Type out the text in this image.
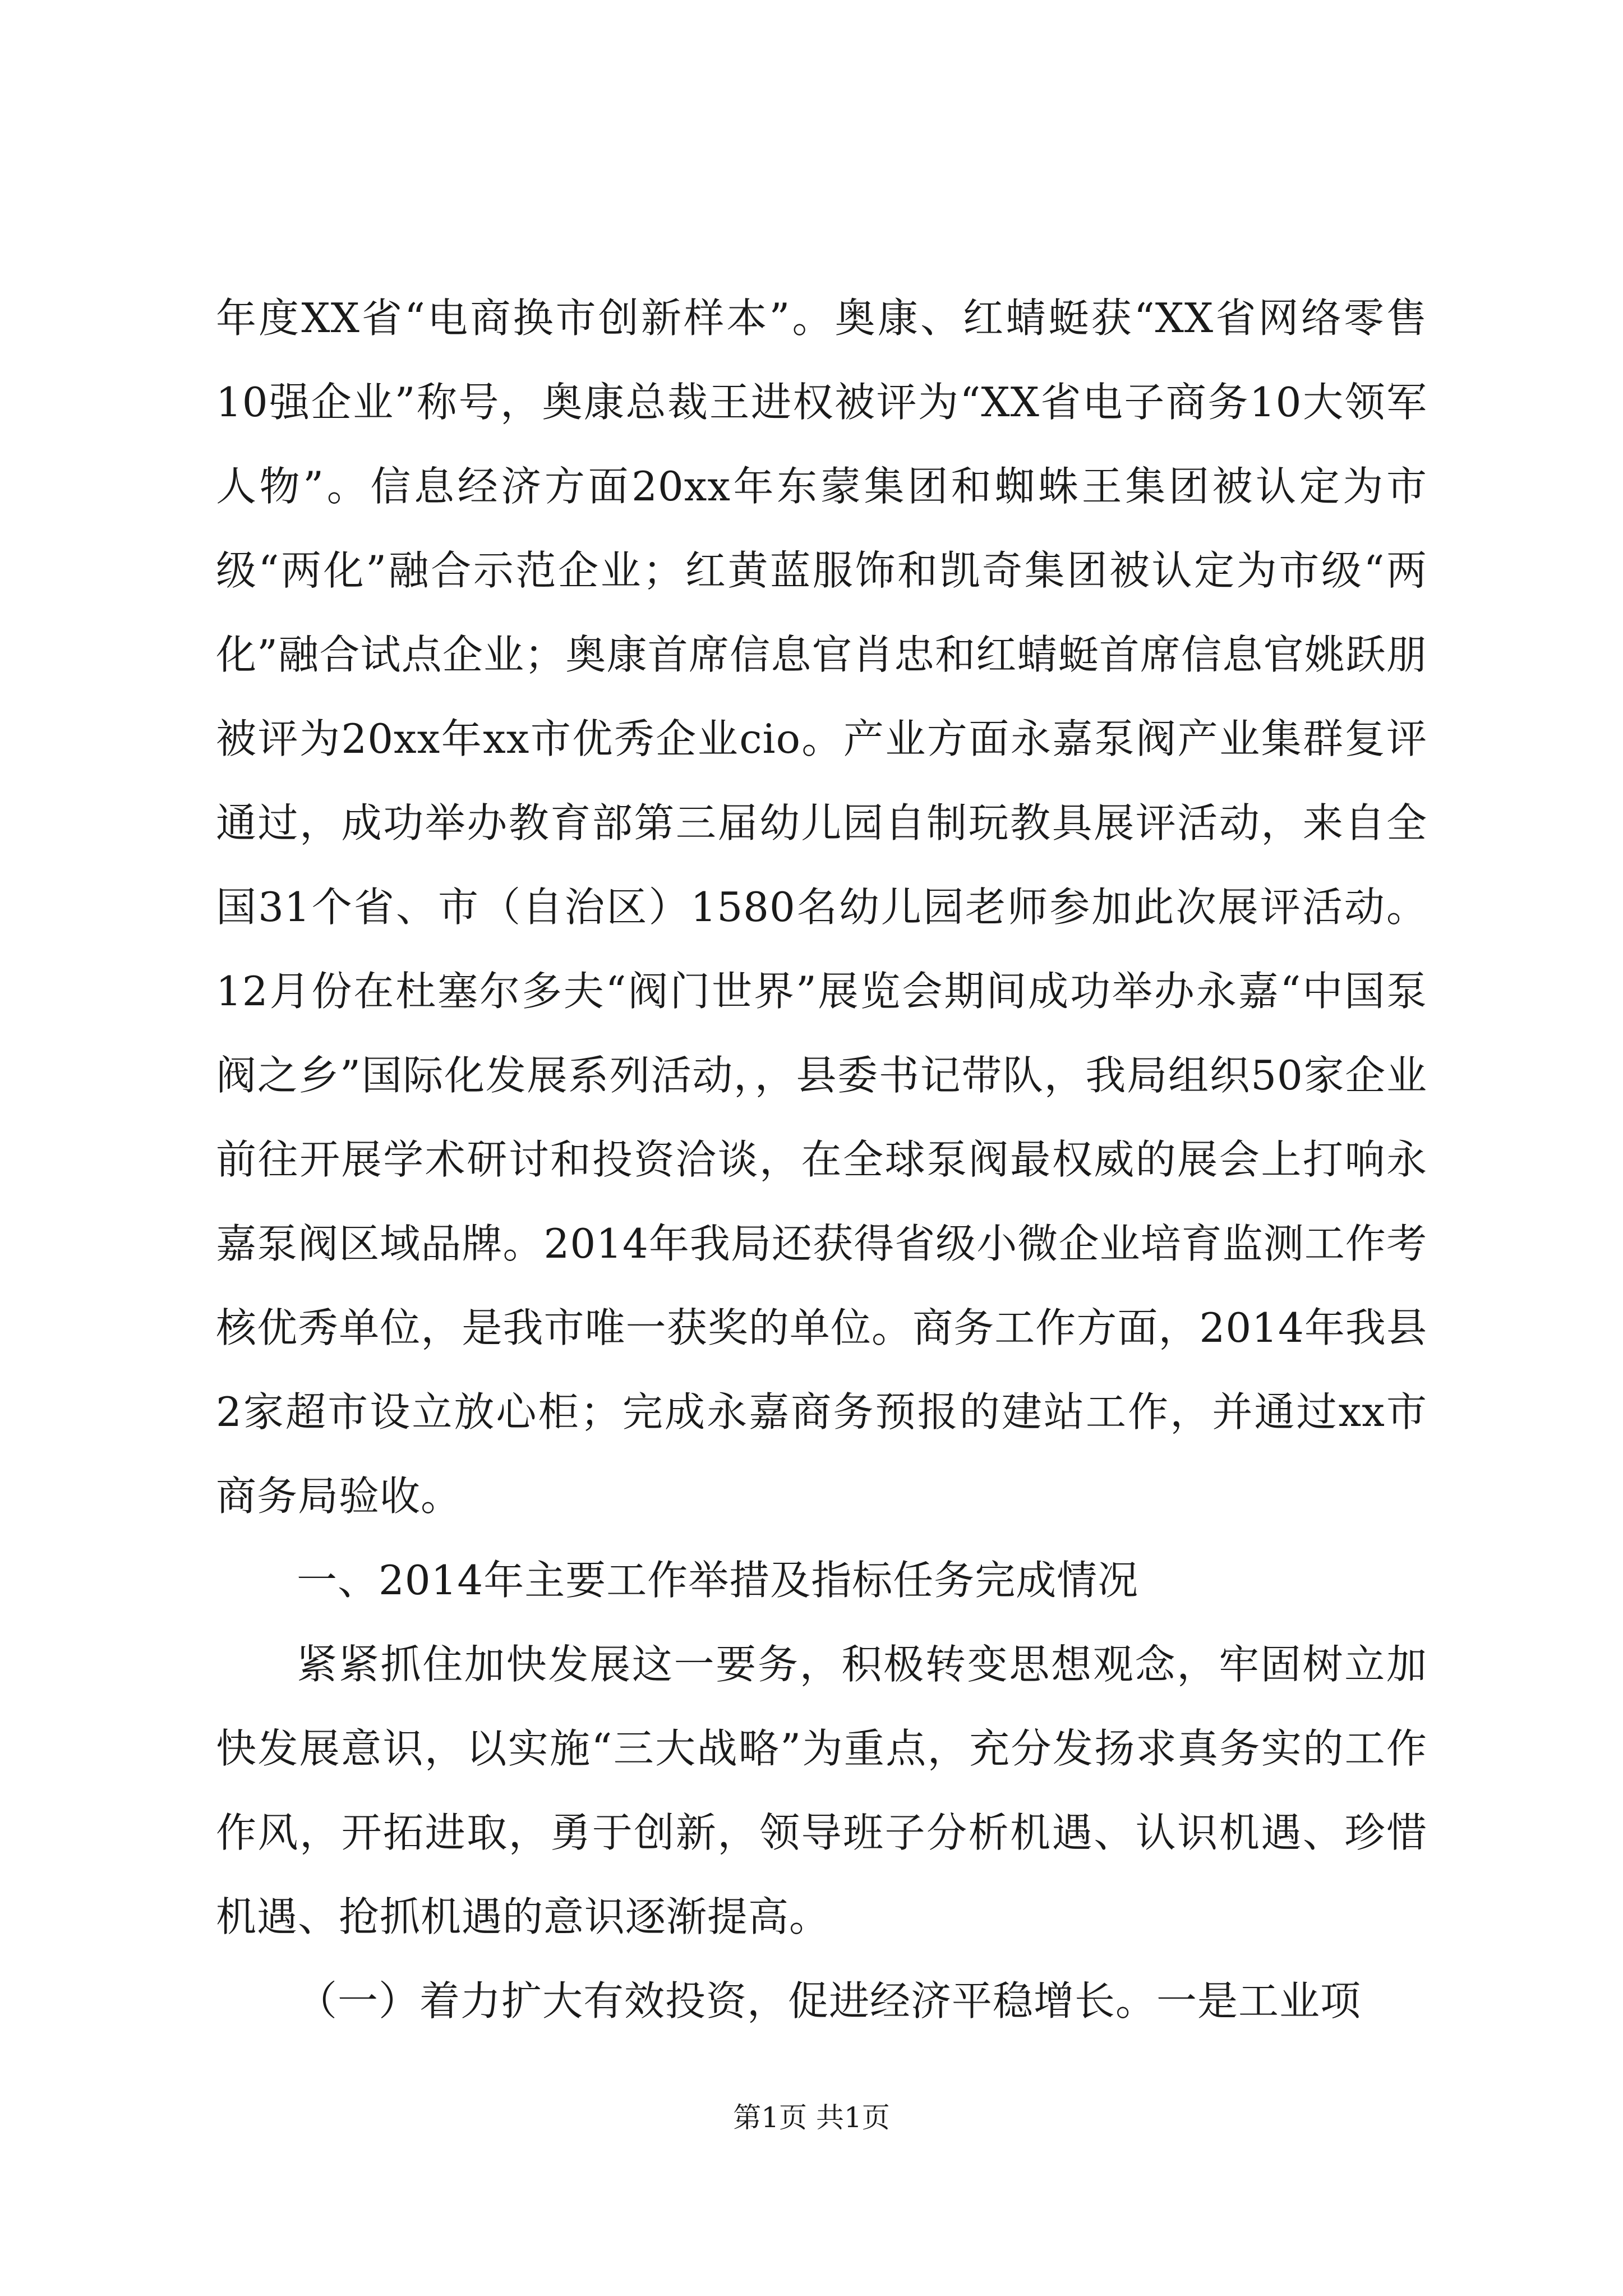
年度XX省“电商换市创新样本”。奥康、红蜻蜓获“XX省网络零售10强企业”称号，奥康总裁王进权被评为“XX省电子商务10大领军人物”。信息经济方面20xx年东蒙集团和蜘蛛王集团被认定为市级“两化”融合示范企业；红黄蓝服饰和凯奇集团被认定为市级“两化”融合试点企业；奥康首席信息官肖忠和红蜻蜓首席信息官姚跃朋被评为20xx年xx市优秀企业cio。产业方面永嘉泵阀产业集群复评通过，成功举办教育部第三届幼儿园自制玩教具展评活动，来自全国31个省、市（自治区）1580名幼儿园老师参加此次展评活动。12月份在杜塞尔多夫“阀门世界”展览会期间成功举办永嘉“中国泵阀之乡”国际化发展系列活动，，县委书记带队，我局组织50家企业前往开展学术研讨和投资洽谈，在全球泵阀最权威的展会上打响永嘉泵阀区域品牌。2014年我局还获得省级小微企业培育监测工作考核优秀单位，是我市唯一获奖的单位。商务工作方面，2014年我县2家超市设立放心柜；完成永嘉商务预报的建站工作，并通过xx市商务局验收。

一、2014年主要工作举措及指标任务完成情况

紧紧抓住加快发展这一要务，积极转变思想观念，牢固树立加快发展意识，以实施“三大战略”为重点，充分发扬求真务实的工作作风，开拓进取，勇于创新，领导班子分析机遇、认识机遇、珍惜机遇、抢抓机遇的意识逐渐提高。

（一）着力扩大有效投资，促进经济平稳增长。一是工业项

第1页 共1页
